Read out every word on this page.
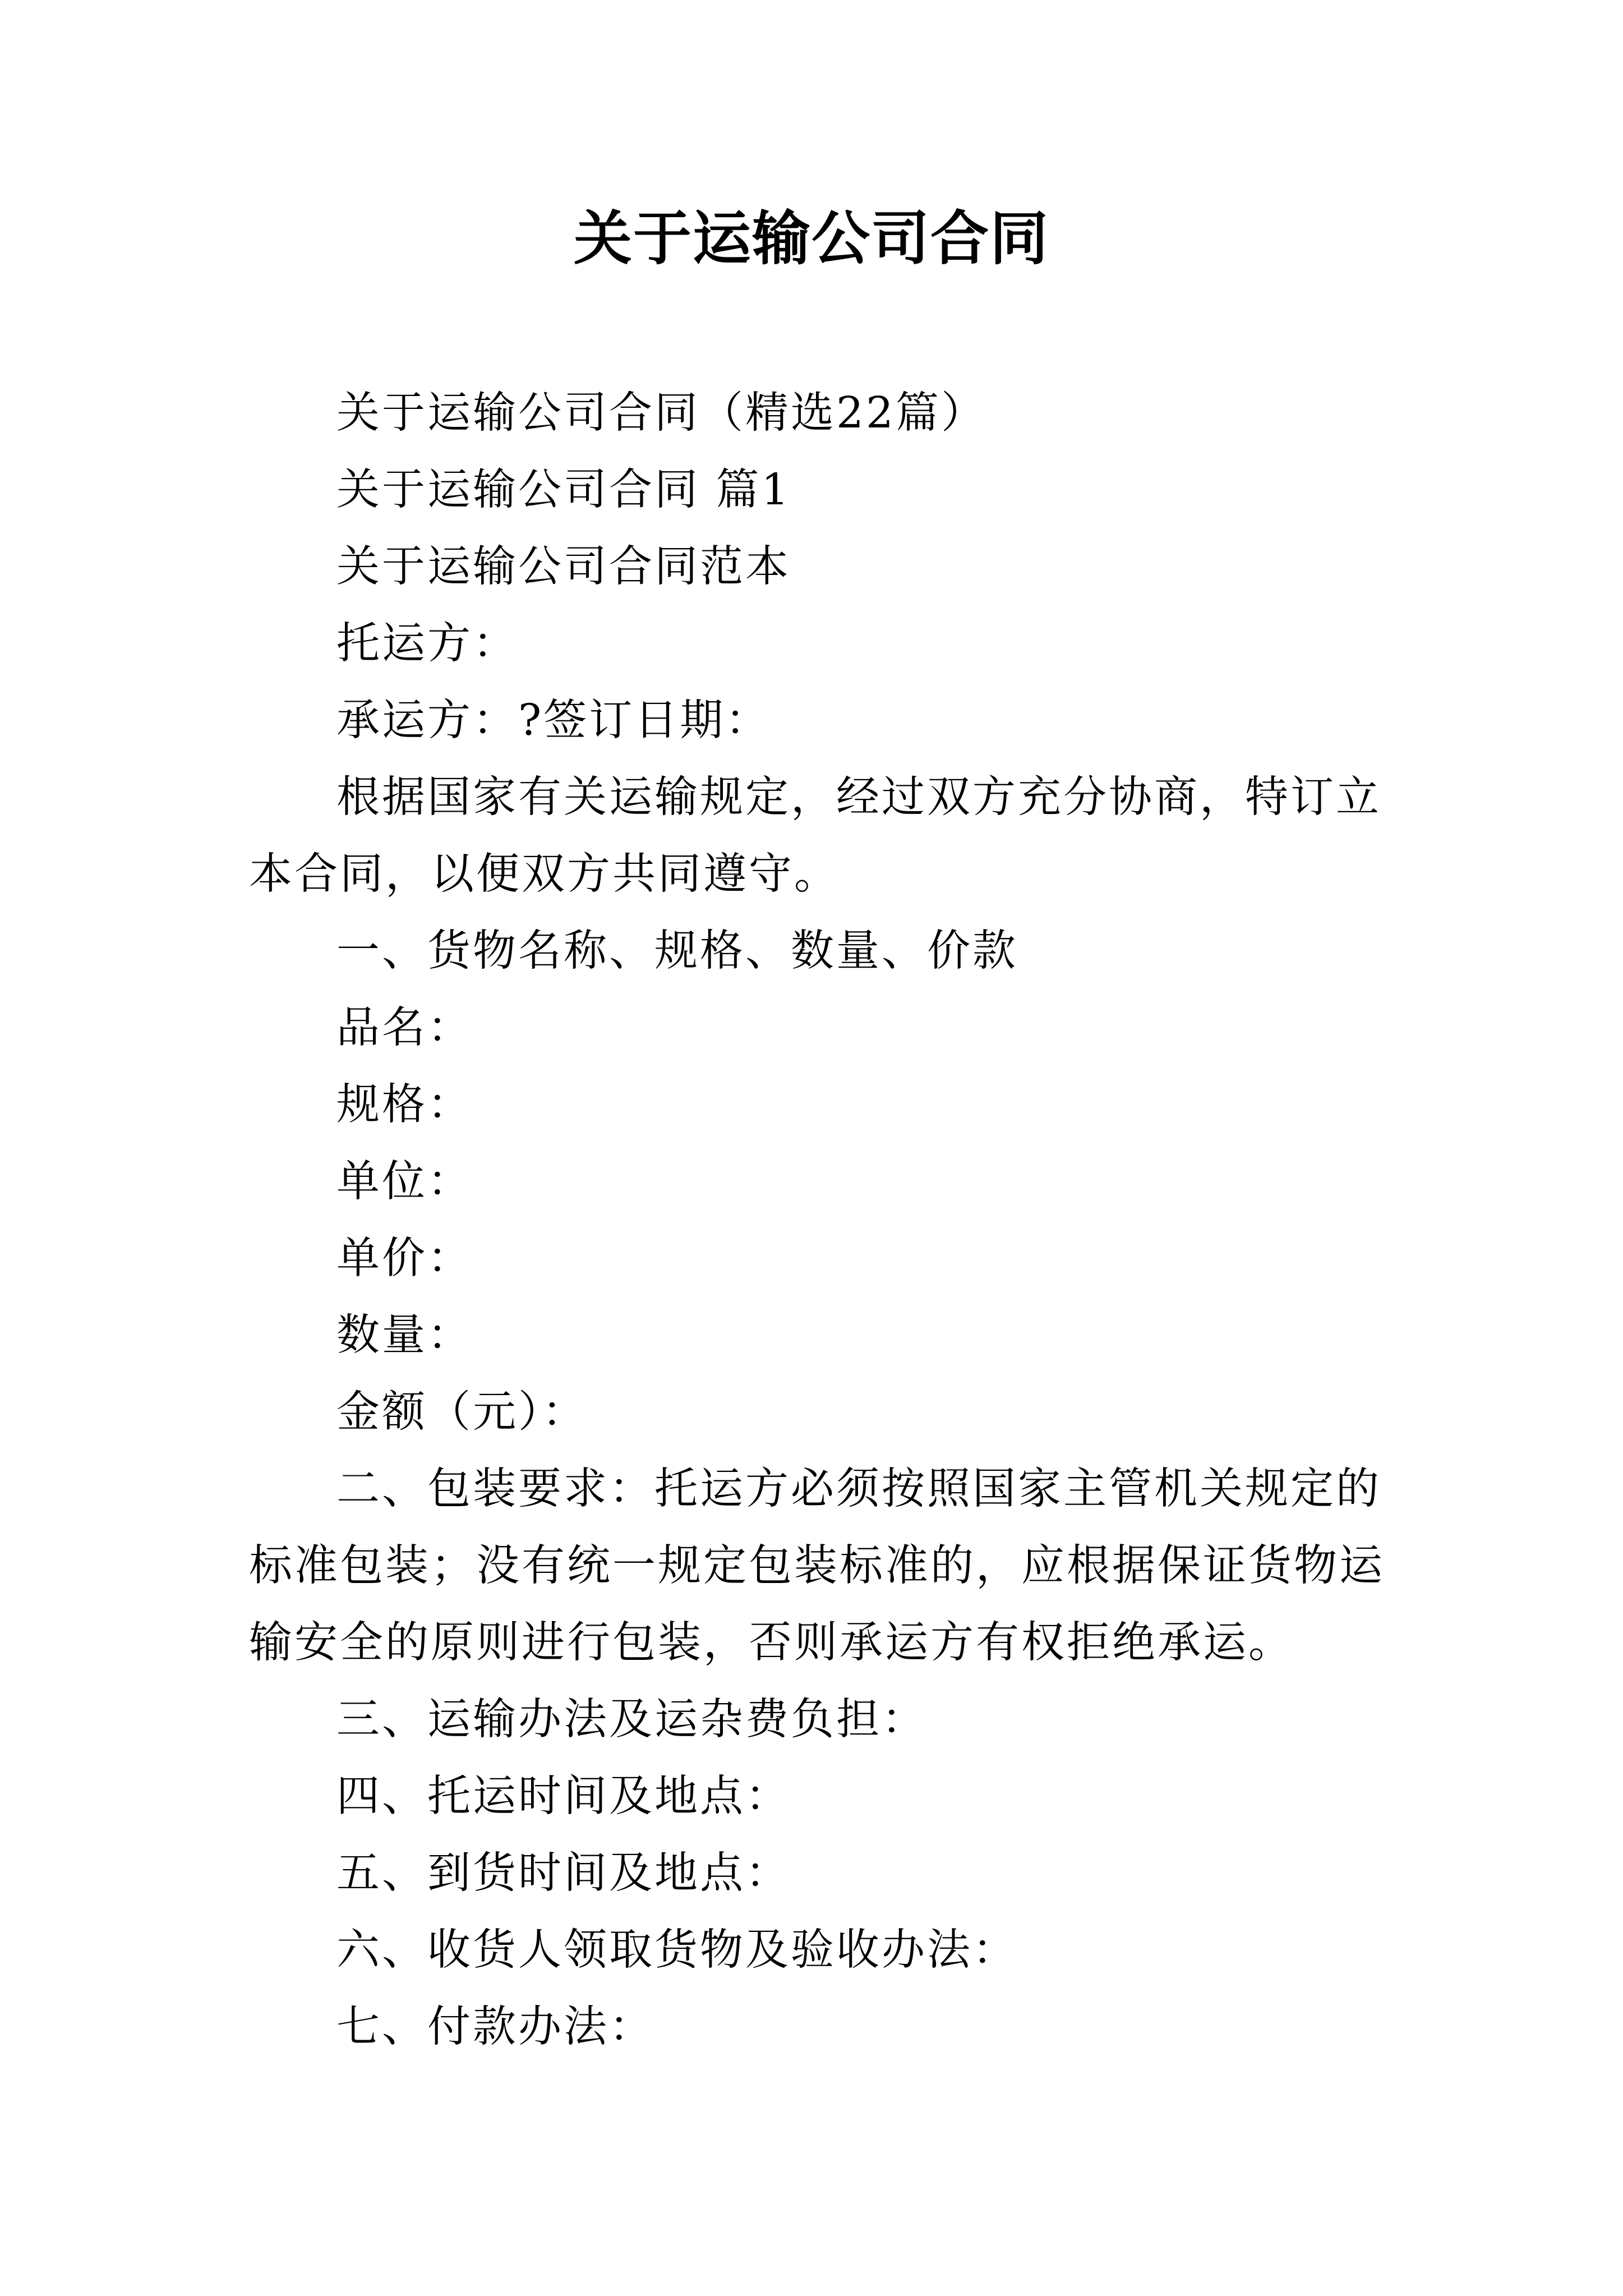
关于运输公司合同

关于运输公司合同（精选22篇）

关于运输公司合同 篇1

关于运输公司合同范本

托运方：

承运方：?签订日期：

根据国家有关运输规定，经过双方充分协商，特订立本合同，以便双方共同遵守。

一、货物名称、规格、数量、价款

品名：

规格：

单位：

单价：

数量：

金额（元）：

二、包装要求：托运方必须按照国家主管机关规定的标准包装；没有统一规定包装标准的，应根据保证货物运输安全的原则进行包装，否则承运方有权拒绝承运。

三、运输办法及运杂费负担：

四、托运时间及地点：

五、到货时间及地点：

六、收货人领取货物及验收办法：

七、付款办法：
